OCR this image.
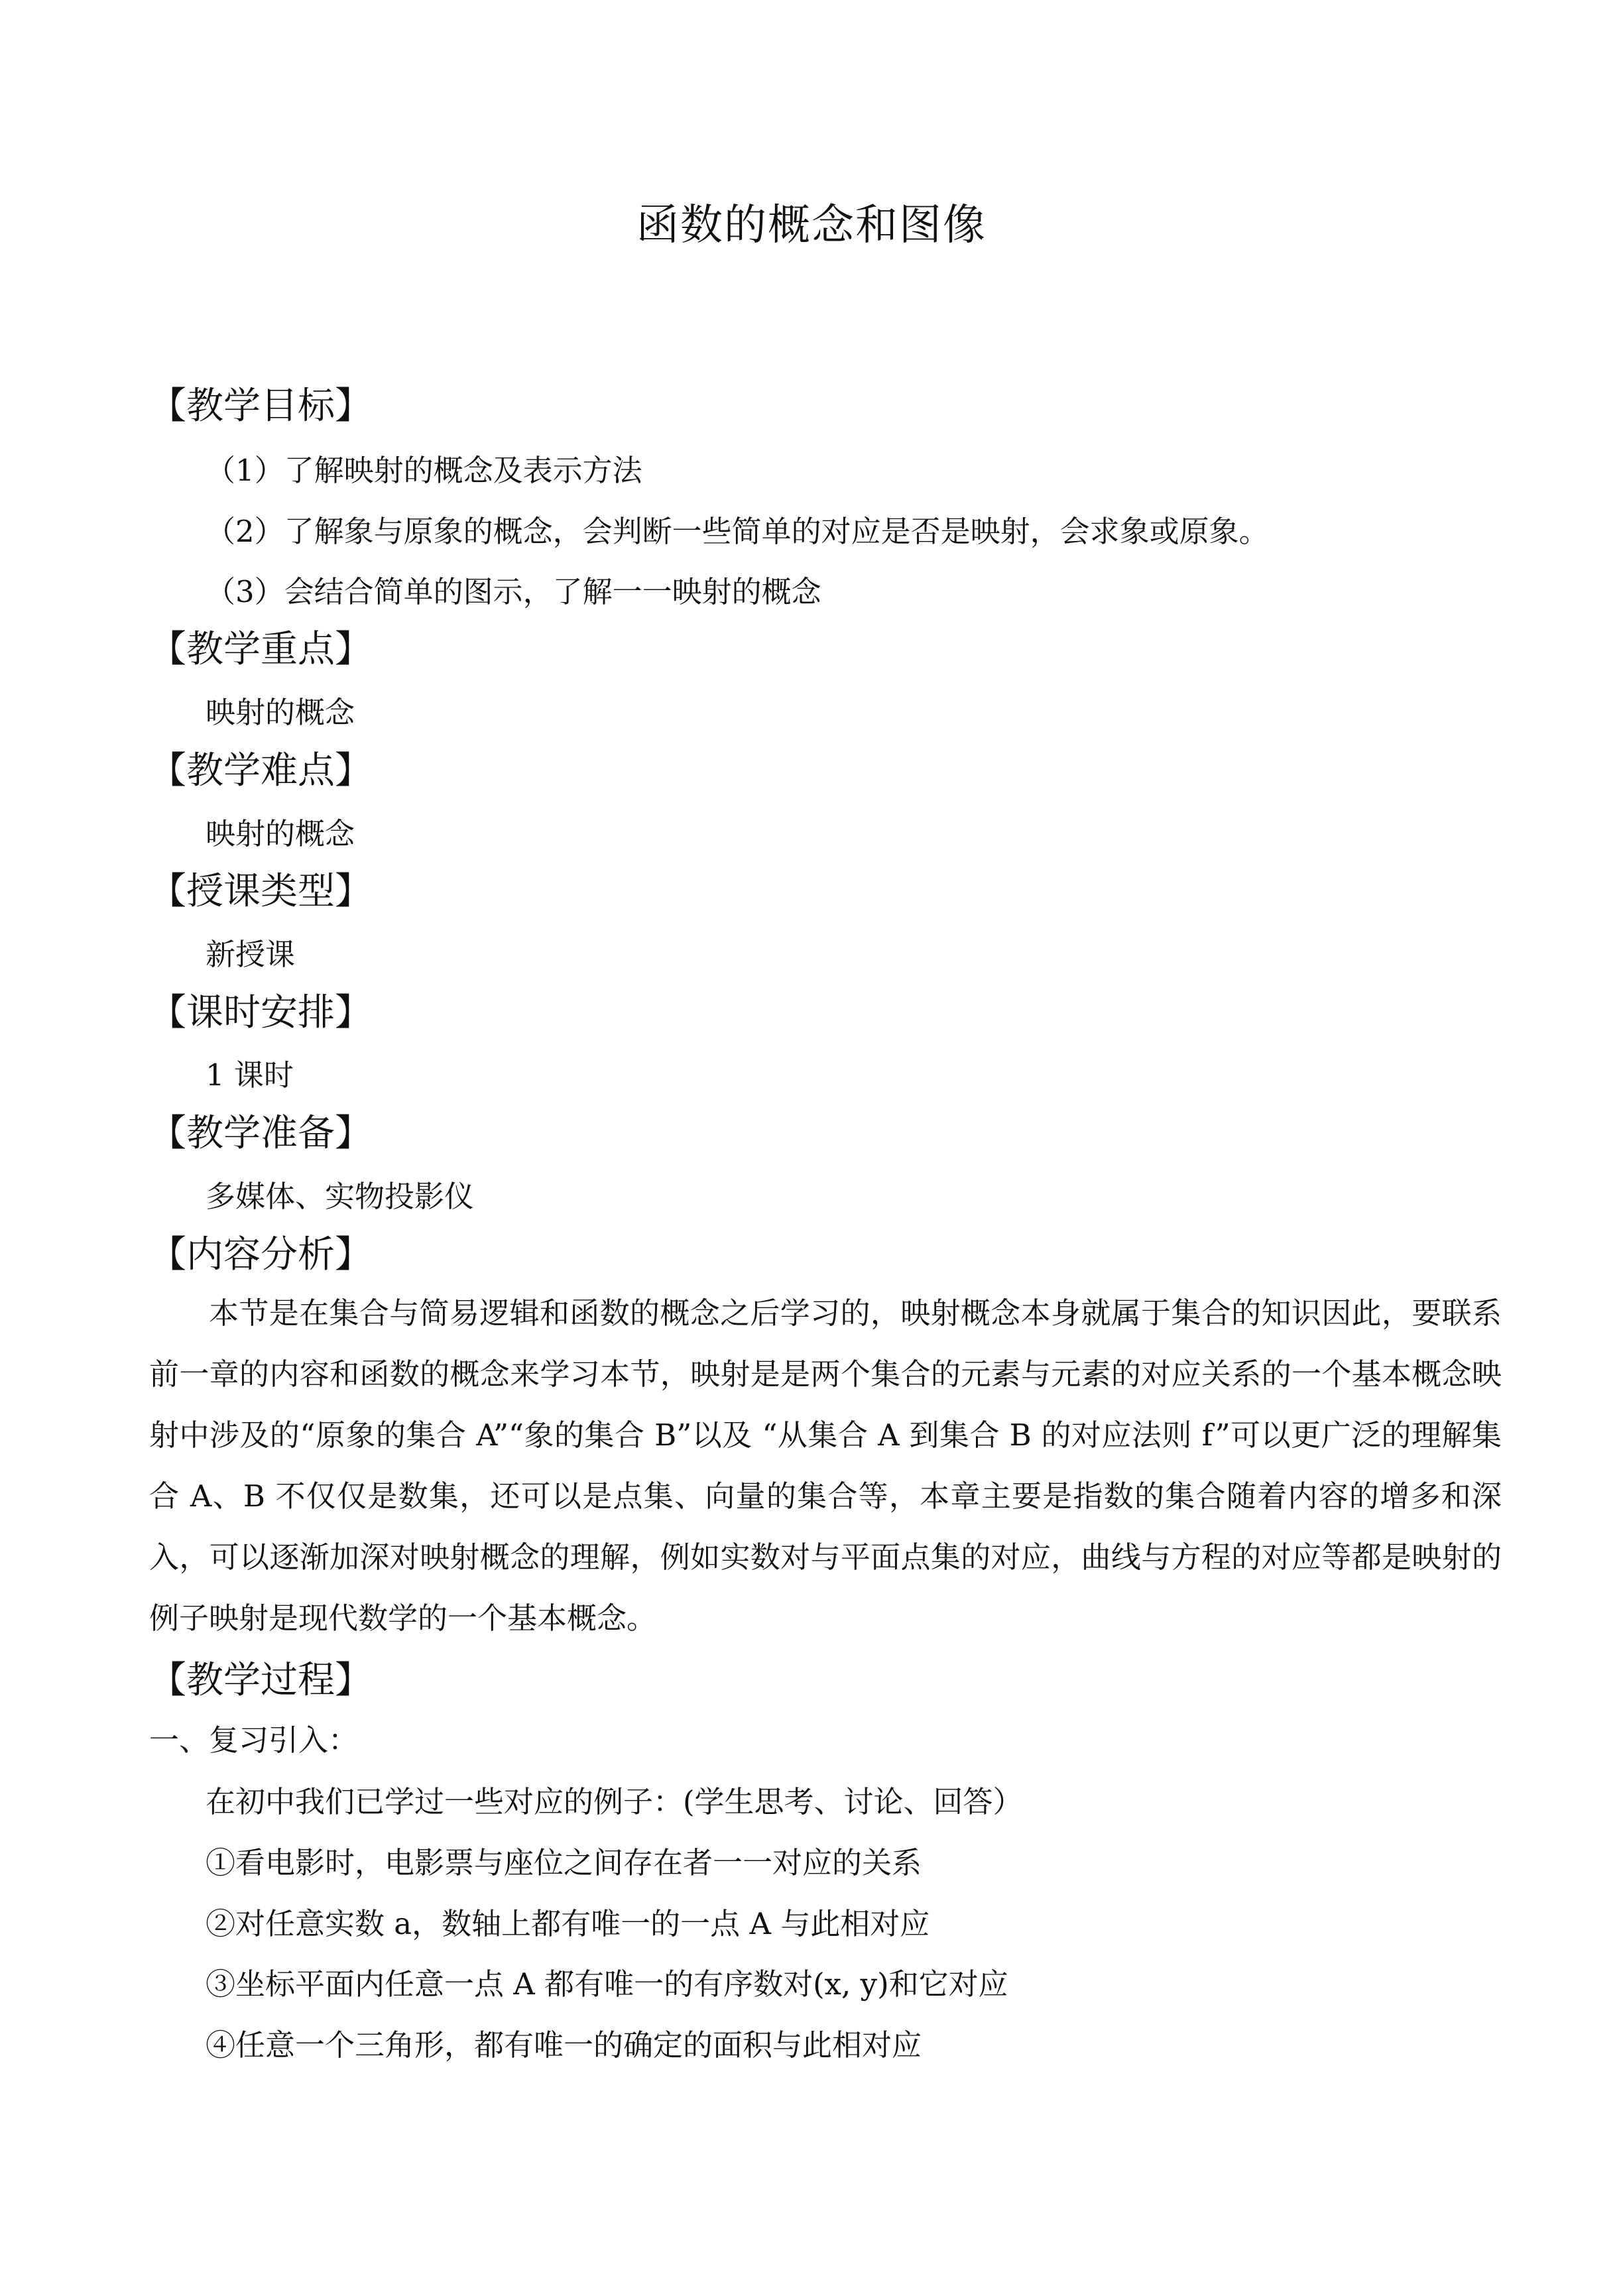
函数的概念和图像
【教学目标】
（1）了解映射的概念及表示方法
（2）了解象与原象的概念，会判断一些简单的对应是否是映射，会求象或原象。
（3）会结合简单的图示，了解一一映射的概念
【教学重点】
映射的概念
【教学难点】
映射的概念
【授课类型】
新授课
【课时安排】
1 课时
【教学准备】
多媒体、实物投影仪
【内容分析】
本节是在集合与简易逻辑和函数的概念之后学习的，映射概念本身就属于集合的知识因此，要联系前一章的内容和函数的概念来学习本节，映射是是两个集合的元素与元素的对应关系的一个基本概念映射中涉及的“原象的集合 A”“象的集合 B”以及 “从集合 A 到集合 B 的对应法则 f”可以更广泛的理解集合 A、B 不仅仅是数集，还可以是点集、向量的集合等，本章主要是指数的集合随着内容的增多和深入，可以逐渐加深对映射概念的理解，例如实数对与平面点集的对应，曲线与方程的对应等都是映射的例子映射是现代数学的一个基本概念。
【教学过程】
一、复习引入：
在初中我们已学过一些对应的例子：(学生思考、讨论、回答）
①看电影时，电影票与座位之间存在者一一对应的关系
②对任意实数 a，数轴上都有唯一的一点 A 与此相对应
③坐标平面内任意一点 A 都有唯一的有序数对(x, y)和它对应
④任意一个三角形，都有唯一的确定的面积与此相对应
